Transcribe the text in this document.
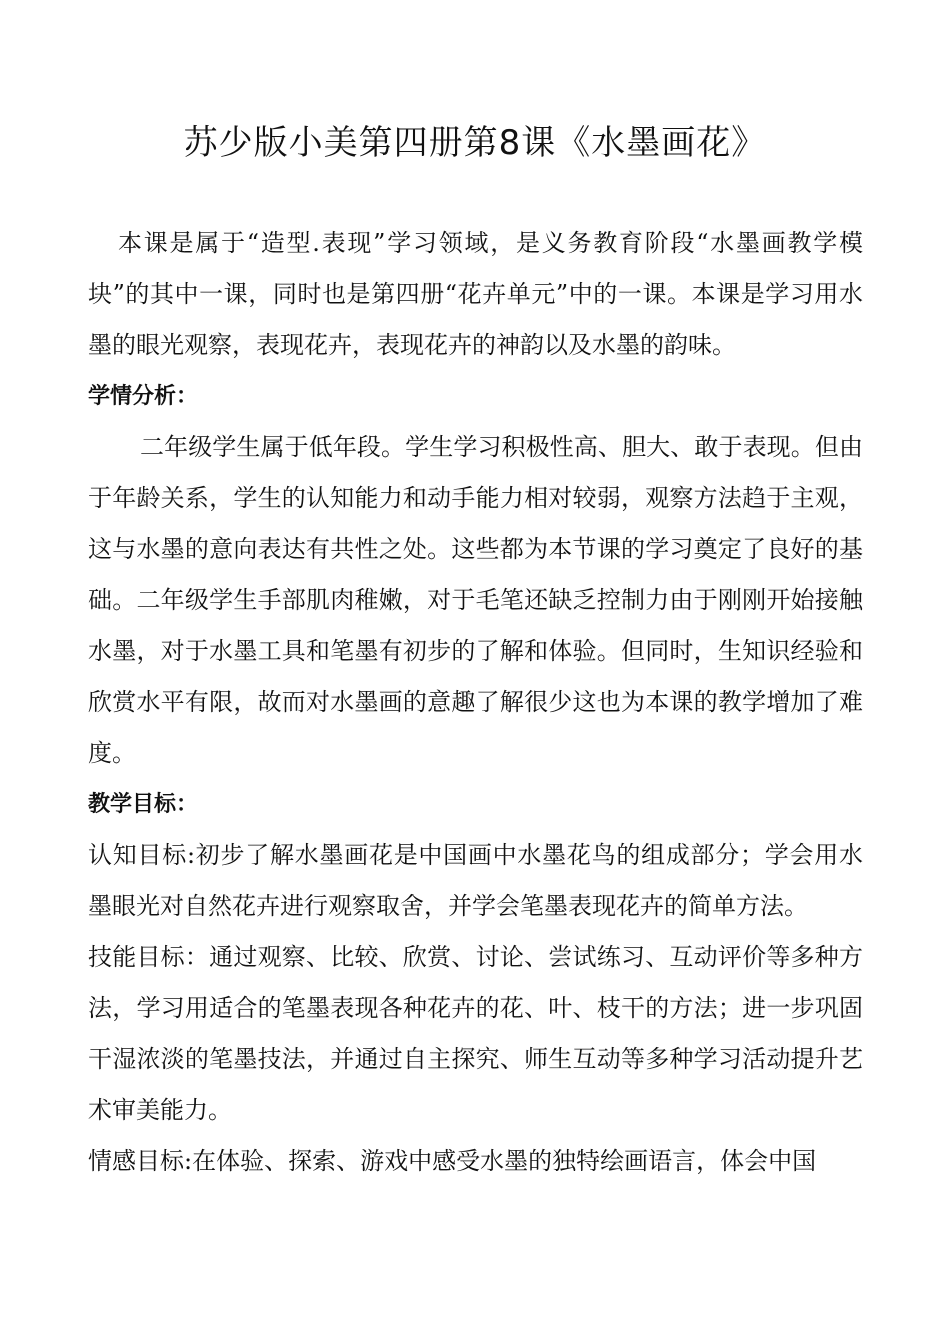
苏少版小美第四册第8课《水墨画花》

本课是属于“造型.表现”学习领域，是义务教育阶段“水墨画教学模块”的其中一课，同时也是第四册“花卉单元”中的一课。本课是学习用水墨的眼光观察，表现花卉，表现花卉的神韵以及水墨的韵味。

学情分析：

二年级学生属于低年段。学生学习积极性高、胆大、敢于表现。但由于年龄关系，学生的认知能力和动手能力相对较弱，观察方法趋于主观，这与水墨的意向表达有共性之处。这些都为本节课的学习奠定了良好的基础。二年级学生手部肌肉稚嫩，对于毛笔还缺乏控制力由于刚刚开始接触水墨，对于水墨工具和笔墨有初步的了解和体验。但同时，生知识经验和欣赏水平有限，故而对水墨画的意趣了解很少这也为本课的教学增加了难度。

教学目标：

认知目标:初步了解水墨画花是中国画中水墨花鸟的组成部分；学会用水墨眼光对自然花卉进行观察取舍，并学会笔墨表现花卉的简单方法。

技能目标：通过观察、比较、欣赏、讨论、尝试练习、互动评价等多种方法，学习用适合的笔墨表现各种花卉的花、叶、枝干的方法；进一步巩固干湿浓淡的笔墨技法，并通过自主探究、师生互动等多种学习活动提升艺术审美能力。

情感目标:在体验、探索、游戏中感受水墨的独特绘画语言，体会中国
